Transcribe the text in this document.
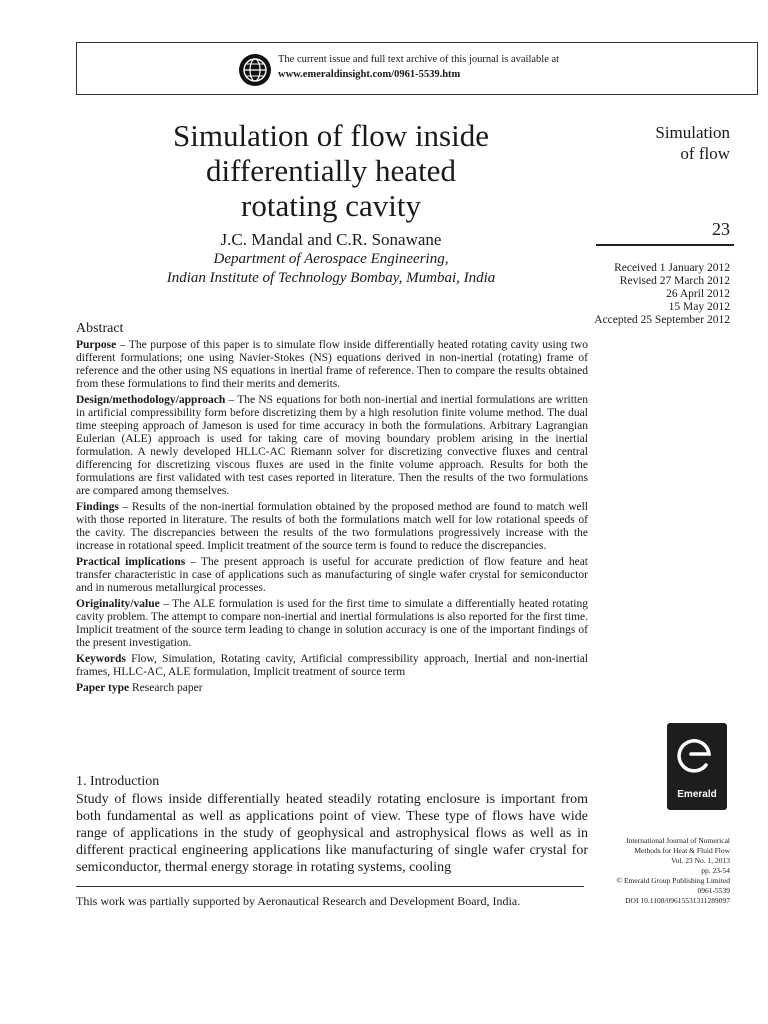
The current issue and full text archive of this journal is available at
www.emeraldinsight.com/0961-5539.htm
Simulation of flow inside
differentially heated
rotating cavity
J.C. Mandal and C.R. Sonawane
Department of Aerospace Engineering,
Indian Institute of Technology Bombay, Mumbai, India
Simulation
of flow
23
Received 1 January 2012
Revised 27 March 2012
26 April 2012
15 May 2012
Accepted 25 September 2012
Abstract

Purpose – The purpose of this paper is to simulate flow inside differentially heated rotating cavity using two different formulations; one using Navier-Stokes (NS) equations derived in non-inertial (rotating) frame of reference and the other using NS equations in inertial frame of reference. Then to compare the results obtained from these formulations to find their merits and demerits.

Design/methodology/approach – The NS equations for both non-inertial and inertial formulations are written in artificial compressibility form before discretizing them by a high resolution finite volume method. The dual time steeping approach of Jameson is used for time accuracy in both the formulations. Arbitrary Lagrangian Eulerian (ALE) approach is used for taking care of moving boundary problem arising in the inertial formulation. A newly developed HLLC-AC Riemann solver for discretizing convective fluxes and central differencing for discretizing viscous fluxes are used in the finite volume approach. Results for both the formulations are first validated with test cases reported in literature. Then the results of the two formulations are compared among themselves.

Findings – Results of the non-inertial formulation obtained by the proposed method are found to match well with those reported in literature. The results of both the formulations match well for low rotational speeds of the cavity. The discrepancies between the results of the two formulations progressively increase with the increase in rotational speed. Implicit treatment of the source term is found to reduce the discrepancies.

Practical implications – The present approach is useful for accurate prediction of flow feature and heat transfer characteristic in case of applications such as manufacturing of single wafer crystal for semiconductor and in numerous metallurgical processes.

Originality/value – The ALE formulation is used for the first time to simulate a differentially heated rotating cavity problem. The attempt to compare non-inertial and inertial formulations is also reported for the first time. Implicit treatment of the source term leading to change in solution accuracy is one of the important findings of the present investigation.

Keywords Flow, Simulation, Rotating cavity, Artificial compressibility approach, Inertial and non-inertial frames, HLLC-AC, ALE formulation, Implicit treatment of source term

Paper type Research paper

Emerald
International Journal of Numerical
Methods for Heat & Fluid Flow
Vol. 23 No. 1, 2013
pp. 23-54
© Emerald Group Publishing Limited
0961-5539
DOI 10.1108/09615531311289097
1. Introduction

Study of flows inside differentially heated steadily rotating enclosure is important from both fundamental as well as applications point of view. These type of flows have wide range of applications in the study of geophysical and astrophysical flows as well as in different practical engineering applications like manufacturing of single wafer crystal for semiconductor, thermal energy storage in rotating systems, cooling

This work was partially supported by Aeronautical Research and Development Board, India.
